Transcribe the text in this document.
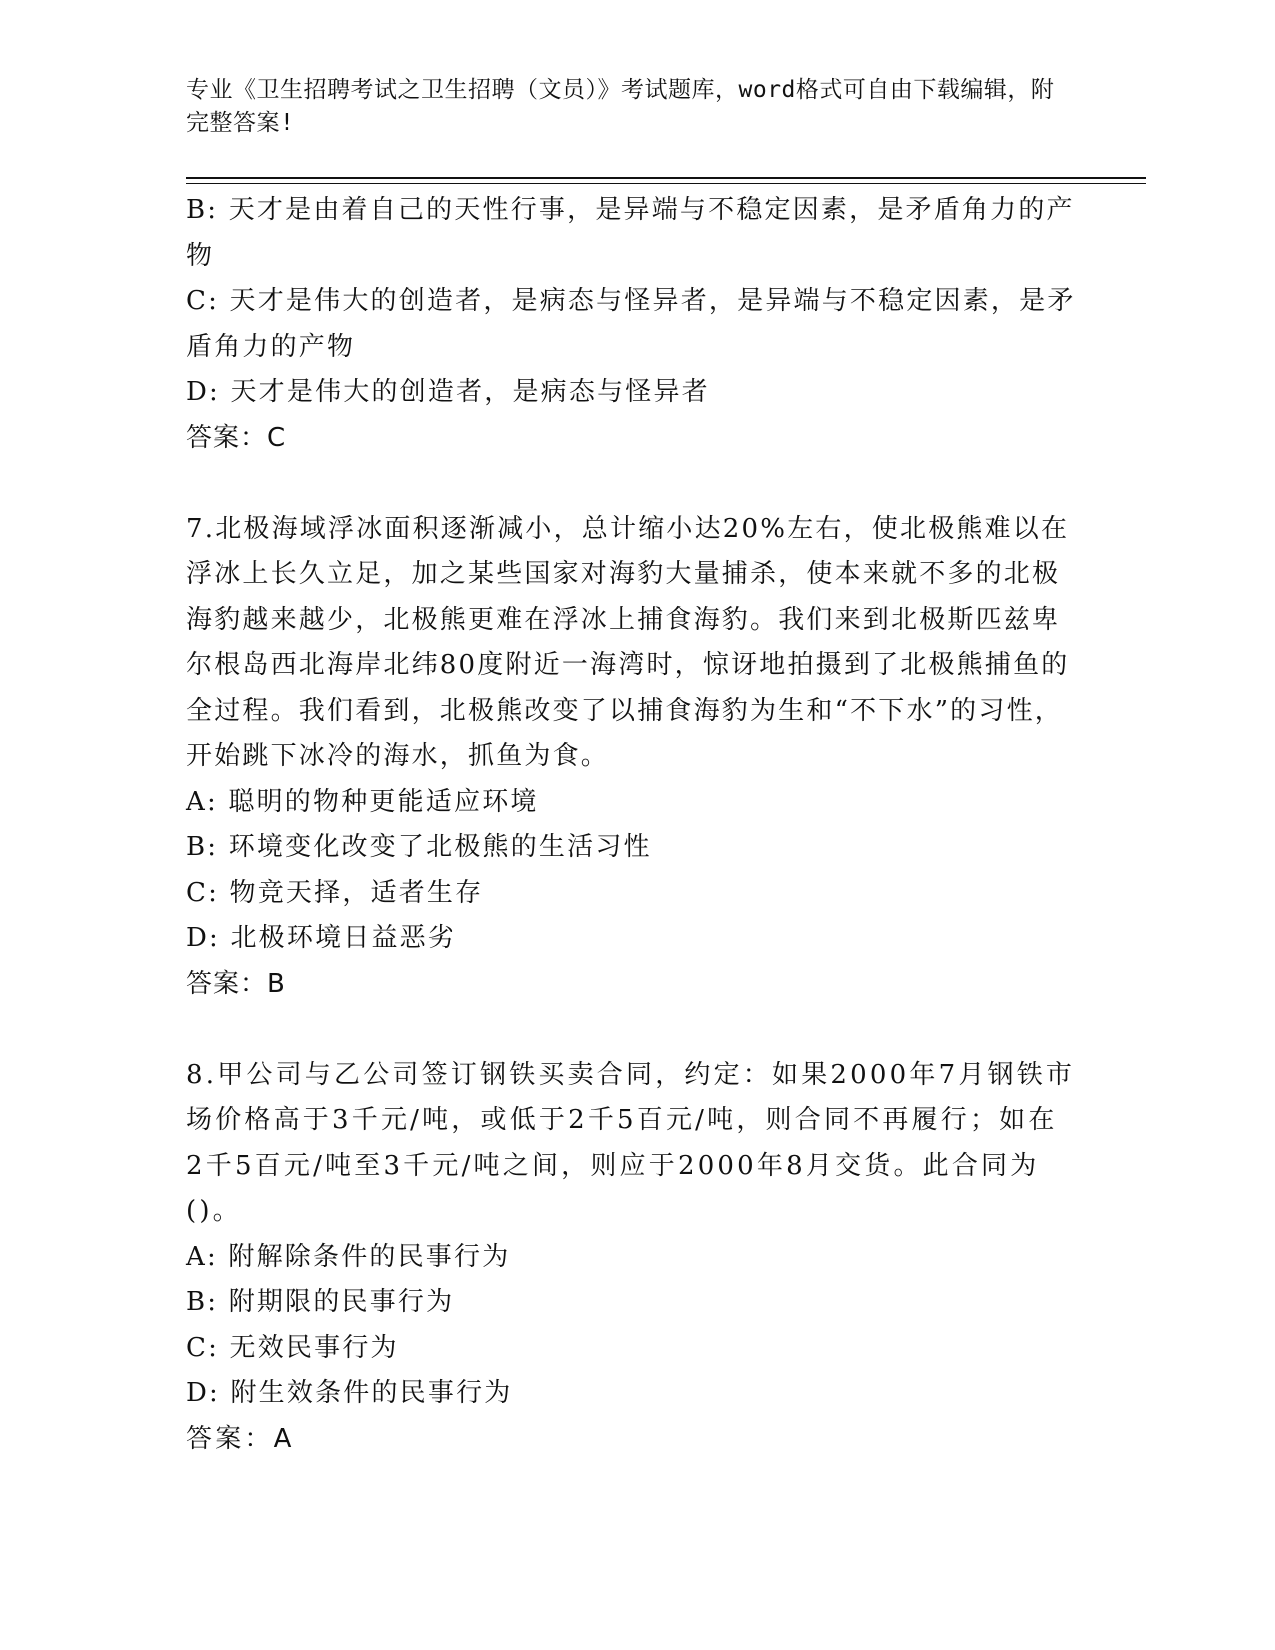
专业《卫生招聘考试之卫生招聘（文员）》考试题库，word格式可自由下载编辑，附完整答案!
B: 天才是由着自己的天性行事，是异端与不稳定因素，是矛盾角力的产物
C: 天才是伟大的创造者，是病态与怪异者，是异端与不稳定因素，是矛盾角力的产物
D: 天才是伟大的创造者，是病态与怪异者
答案：C
7.北极海域浮冰面积逐渐减小，总计缩小达20%左右，使北极熊难以在浮冰上长久立足，加之某些国家对海豹大量捕杀，使本来就不多的北极海豹越来越少，北极熊更难在浮冰上捕食海豹。我们来到北极斯匹兹卑尔根岛西北海岸北纬80度附近一海湾时，惊讶地拍摄到了北极熊捕鱼的全过程。我们看到，北极熊改变了以捕食海豹为生和“不下水”的习性，开始跳下冰冷的海水，抓鱼为食。
A: 聪明的物种更能适应环境
B: 环境变化改变了北极熊的生活习性
C: 物竞天择，适者生存
D: 北极环境日益恶劣
答案：B
8.甲公司与乙公司签订钢铁买卖合同，约定：如果2000年7月钢铁市场价格高于3千元/吨，或低于2千5百元/吨，则合同不再履行；如在2千5百元/吨至3千元/吨之间，则应于2000年8月交货。此合同为()。
A: 附解除条件的民事行为
B: 附期限的民事行为
C: 无效民事行为
D: 附生效条件的民事行为
答案：A
